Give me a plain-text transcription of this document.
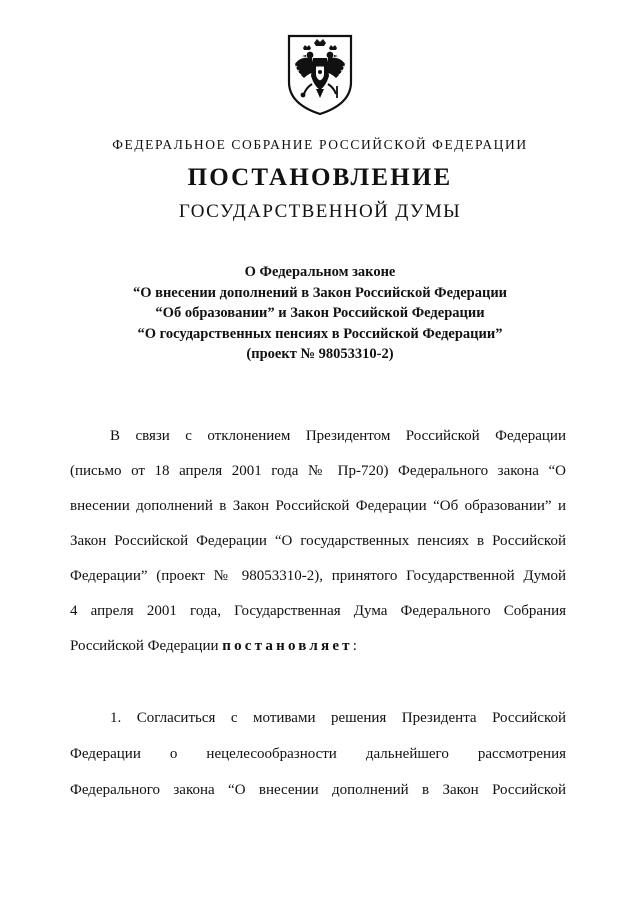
ФЕДЕРАЛЬНОЕ СОБРАНИЕ РОССИЙСКОЙ ФЕДЕРАЦИИ
ПОСТАНОВЛЕНИЕ
ГОСУДАРСТВЕННОЙ ДУМЫ
О Федеральном законе
“О внесении дополнений в Закон Российской Федерации
“Об образовании” и Закон Российской Федерации
“О государственных пенсиях в Российской Федерации”
(проект № 98053310-2)
В связи с отклонением Президентом Российской Федерации
(письмо от 18 апреля 2001 года № Пр-720) Федерального закона “О
внесении дополнений в Закон Российской Федерации “Об образовании” и
Закон Российской Федерации “О государственных пенсиях в Российской
Федерации” (проект № 98053310-2), принятого Государственной Думой
4 апреля 2001 года, Государственная Дума Федерального Собрания
Российской Федерации постановляет:
1. Согласиться с мотивами решения Президента Российской
Федерации о нецелесообразности дальнейшего рассмотрения
Федерального закона “О внесении дополнений в Закон Российской
